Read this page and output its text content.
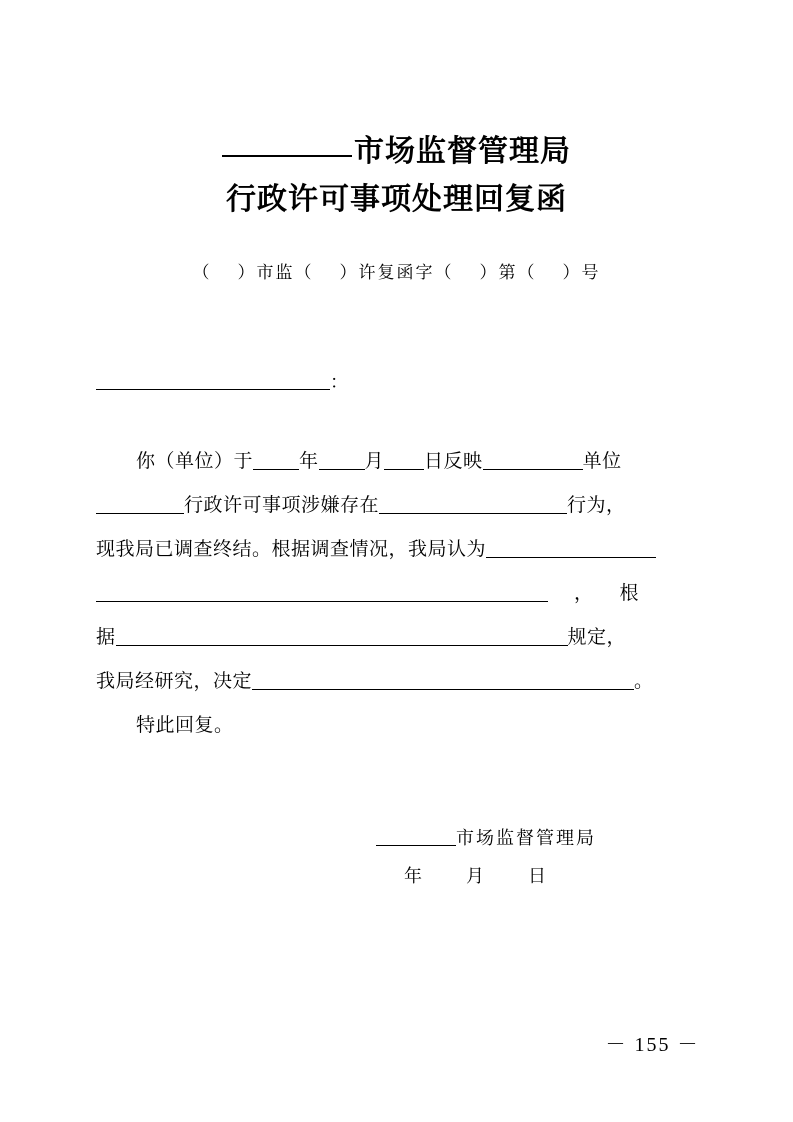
市场监督管理局
行政许可事项处理回复函
（ ）市监（ ）许复函字（ ）第（ ）号
：
你（单位）于 年 月 日反映	单位
行政许可事项涉嫌存在	行为，
现我局已调查终结。根据调查情况，我局认为
， 根
据	规定，
我局经研究，决定	。
特此回复。
市场监督管理局
年 月 日
－ 155 －
